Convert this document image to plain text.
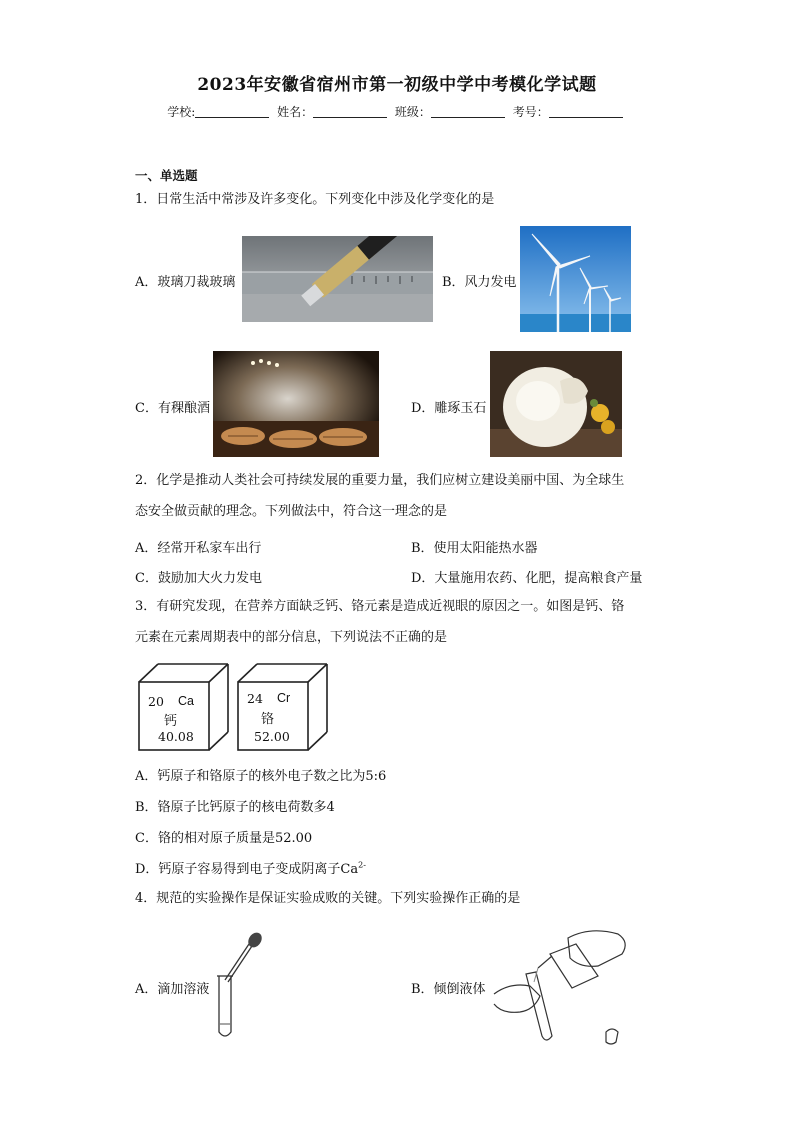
2023年安徽省宿州市第一初级中学中考模化学试题
学校:	姓名：	班级：	考号：
一、单选题
1．日常生活中常涉及许多变化。下列变化中涉及化学变化的是
A．玻璃刀裁玻璃	B．风力发电
C．有稞酿酒	D．雕琢玉石
2．化学是推动人类社会可持续发展的重要力量，我们应树立建设美丽中国、为全球生
态安全做贡献的理念。下列做法中，符合这一理念的是
A．经常开私家车出行	B．使用太阳能热水器
C．鼓励加大火力发电	D．大量施用农药、化肥，提高粮食产量
3．有研究发现，在营养方面缺乏钙、铬元素是造成近视眼的原因之一。如图是钙、铬
元素在元素周期表中的部分信息，下列说法不正确的是
20 Ca
钙
40.08
24 Cr
铬
52.00
A．钙原子和铬原子的核外电子数之比为5:6
B．铬原子比钙原子的核电荷数多4
C．铬的相对原子质量是52.00
D．钙原子容易得到电子变成阴离子$Ca^{2-}$
4．规范的实验操作是保证实验成败的关键。下列实验操作正确的是
A．滴加溶液	B．倾倒液体
